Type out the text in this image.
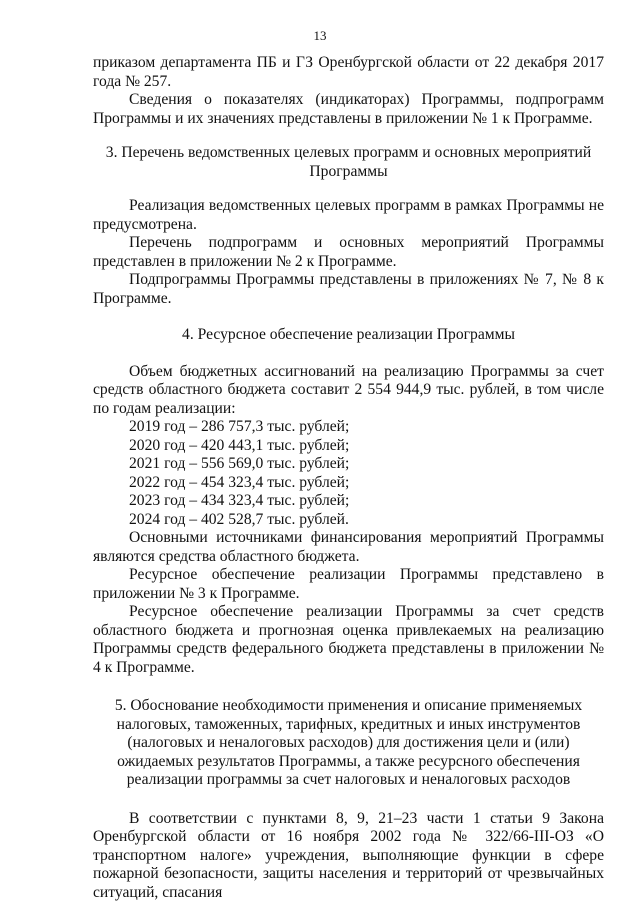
13

приказом департамента ПБ и ГЗ Оренбургской области от 22 декабря 2017 года № 257.

Сведения о показателях (индикаторах) Программы, подпрограмм Программы и их значениях представлены в приложении № 1 к Программе.

3. Перечень ведомственных целевых программ и основных мероприятий
Программы

Реализация ведомственных целевых программ в рамках Программы не предусмотрена.

Перечень подпрограмм и основных мероприятий Программы представлен в приложении № 2 к Программе.

Подпрограммы Программы представлены в приложениях № 7, № 8 к Программе.

4. Ресурсное обеспечение реализации Программы

Объем бюджетных ассигнований на реализацию Программы за счет средств областного бюджета составит 2 554 944,9 тыс. рублей, в том числе по годам реализации:

2019 год – 286 757,3 тыс. рублей;
2020 год – 420 443,1 тыс. рублей;
2021 год – 556 569,0 тыс. рублей;
2022 год – 454 323,4 тыс. рублей;
2023 год – 434 323,4 тыс. рублей;
2024 год – 402 528,7 тыс. рублей.

Основными источниками финансирования мероприятий Программы являются средства областного бюджета.

Ресурсное обеспечение реализации Программы представлено в приложении № 3 к Программе.

Ресурсное обеспечение реализации Программы за счет средств областного бюджета и прогнозная оценка привлекаемых на реализацию Программы средств федерального бюджета представлены в приложении № 4 к Программе.

5. Обоснование необходимости применения и описание применяемых
налоговых, таможенных, тарифных, кредитных и иных инструментов
(налоговых и неналоговых расходов) для достижения цели и (или)
ожидаемых результатов Программы, а также ресурсного обеспечения
реализации программы за счет налоговых и неналоговых расходов

В соответствии с пунктами 8, 9, 21–23 части 1 статьи 9 Закона Оренбургской области от 16 ноября 2002 года № 322/66-III-ОЗ «О транспортном налоге» учреждения, выполняющие функции в сфере пожарной безопасности, защиты населения и территорий от чрезвычайных ситуаций, спасания
